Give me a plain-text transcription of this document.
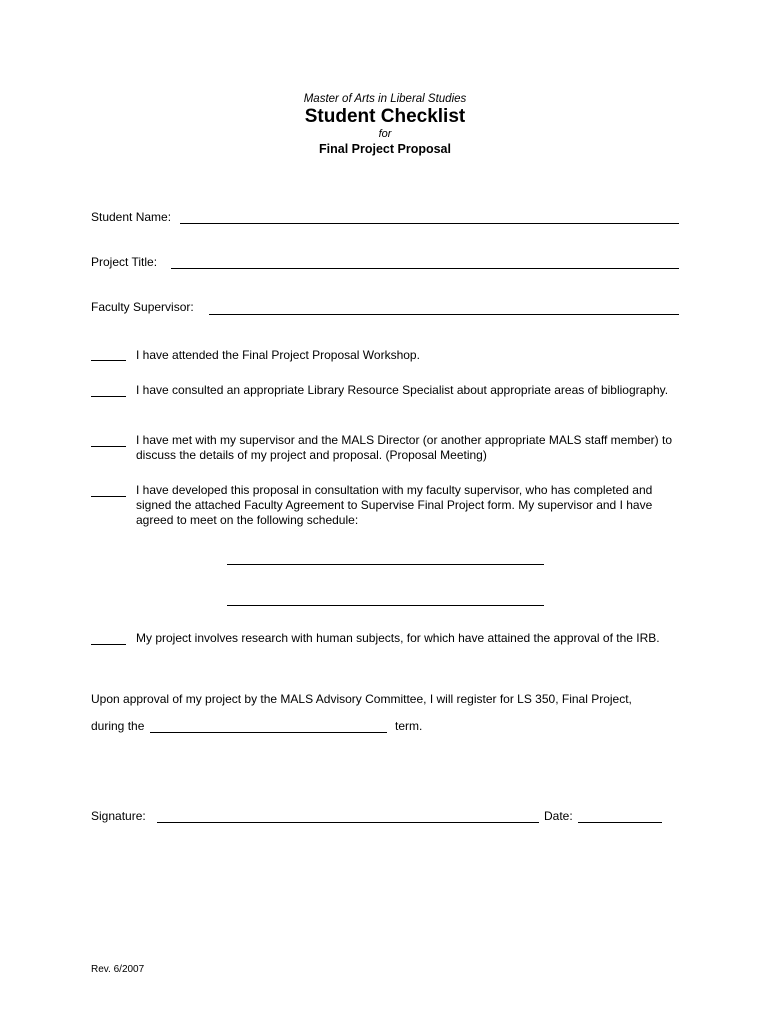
Master of Arts in Liberal Studies
Student Checklist
for
Final Project Proposal
Student Name:
Project Title:
Faculty Supervisor:
I have attended the Final Project Proposal Workshop.
I have consulted an appropriate Library Resource Specialist about appropriate areas of bibliography.
I have met with my supervisor and the MALS Director (or another appropriate MALS staff member) to discuss the details of my project and proposal. (Proposal Meeting)
I have developed this proposal in consultation with my faculty supervisor, who has completed and signed the attached Faculty Agreement to Supervise Final Project form. My supervisor and I have agreed to meet on the following schedule:
My project involves research with human subjects, for which have attained the approval of the IRB.
Upon approval of my project by the MALS Advisory Committee, I will register for LS 350, Final Project,
during the	term.
Signature:	Date:
Rev. 6/2007
